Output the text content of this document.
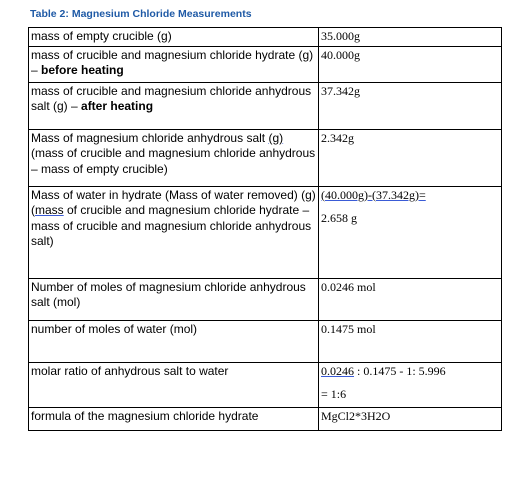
Table 2: Magnesium Chloride Measurements
mass of empty crucible (g)	35.000g
mass of crucible and magnesium chloride hydrate (g) – before heating	40.000g
mass of crucible and magnesium chloride anhydrous salt (g) – after heating	37.342g
Mass of magnesium chloride anhydrous salt (g)
(mass of crucible and magnesium chloride anhydrous – mass of empty crucible)	2.342g
Mass of water in hydrate (Mass of water removed) (g)
(mass of crucible and magnesium chloride hydrate – mass of crucible and magnesium chloride anhydrous salt)	(40.000g)-(37.342g)=
2.658 g

Number of moles of magnesium chloride anhydrous salt (mol)	0.0246 mol
number of moles of water (mol)	0.1475 mol
molar ratio of anhydrous salt to water	0.0246 : 0.1475 - 1: 5.996
= 1:6

formula of the magnesium chloride hydrate	MgCl2*3H2O
